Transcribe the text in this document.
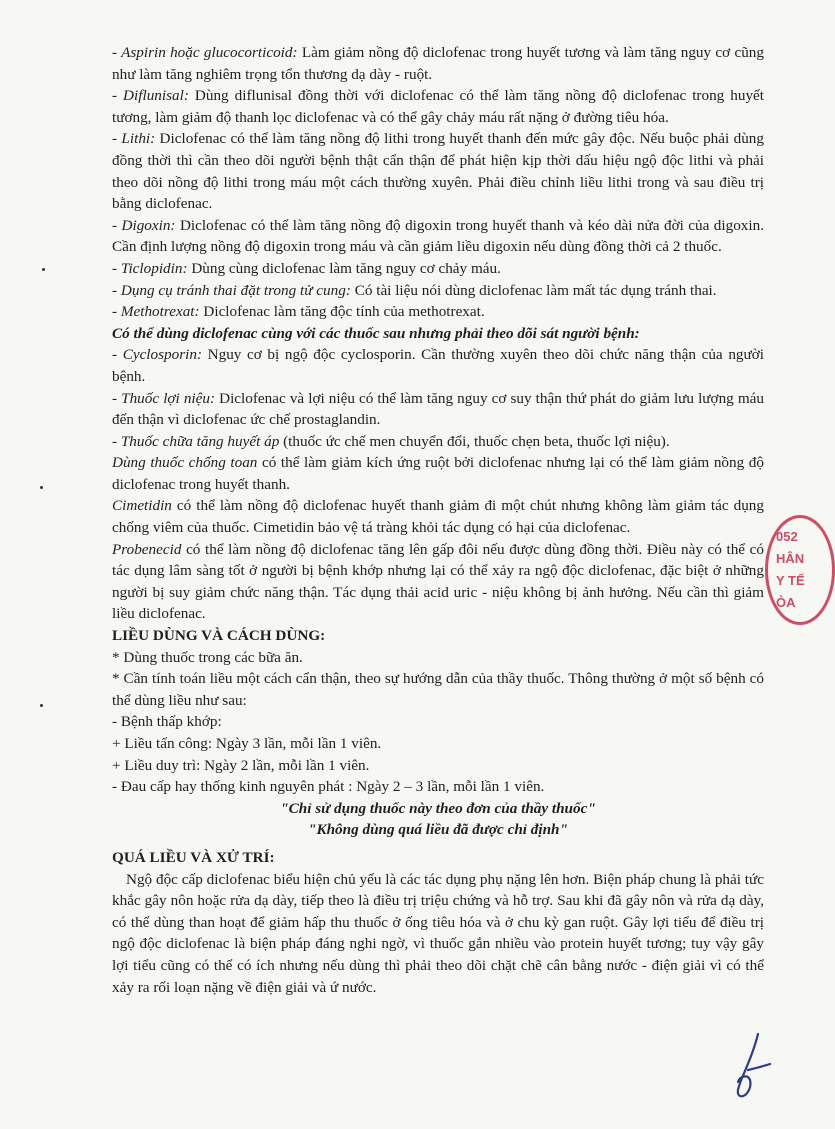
- Aspirin hoặc glucocorticoid: Làm giảm nồng độ diclofenac trong huyết tương và làm tăng nguy cơ cũng như làm tăng nghiêm trọng tổn thương dạ dày - ruột.

- Diflunisal: Dùng diflunisal đồng thời với diclofenac có thể làm tăng nồng độ diclofenac trong huyết tương, làm giảm độ thanh lọc diclofenac và có thể gây chảy máu rất nặng ở đường tiêu hóa.

- Lithi: Diclofenac có thể làm tăng nồng độ lithi trong huyết thanh đến mức gây độc. Nếu buộc phải dùng đồng thời thì cần theo dõi người bệnh thật cẩn thận để phát hiện kịp thời dấu hiệu ngộ độc lithi và phải theo dõi nồng độ lithi trong máu một cách thường xuyên. Phải điều chỉnh liều lithi trong và sau điều trị bằng diclofenac.

- Digoxin: Diclofenac có thể làm tăng nồng độ digoxin trong huyết thanh và kéo dài nửa đời của digoxin. Cần định lượng nồng độ digoxin trong máu và cần giảm liều digoxin nếu dùng đồng thời cả 2 thuốc.

- Ticlopidin: Dùng cùng diclofenac làm tăng nguy cơ chảy máu.

- Dụng cụ tránh thai đặt trong tử cung: Có tài liệu nói dùng diclofenac làm mất tác dụng tránh thai.

- Methotrexat: Diclofenac làm tăng độc tính của methotrexat.

Có thể dùng diclofenac cùng với các thuốc sau nhưng phải theo dõi sát người bệnh:

- Cyclosporin: Nguy cơ bị ngộ độc cyclosporin. Cần thường xuyên theo dõi chức năng thận của người bệnh.

- Thuốc lợi niệu: Diclofenac và lợi niệu có thể làm tăng nguy cơ suy thận thứ phát do giảm lưu lượng máu đến thận vì diclofenac ức chế prostaglandin.

- Thuốc chữa tăng huyết áp (thuốc ức chế men chuyển đổi, thuốc chẹn beta, thuốc lợi niệu).

Dùng thuốc chống toan có thể làm giảm kích ứng ruột bởi diclofenac nhưng lại có thể làm giảm nồng độ diclofenac trong huyết thanh.

Cimetidin có thể làm nồng độ diclofenac huyết thanh giảm đi một chút nhưng không làm giảm tác dụng chống viêm của thuốc. Cimetidin bảo vệ tá tràng khỏi tác dụng có hại của diclofenac.

Probenecid có thể làm nồng độ diclofenac tăng lên gấp đôi nếu được dùng đồng thời. Điều này có thể có tác dụng lâm sàng tốt ở người bị bệnh khớp nhưng lại có thể xảy ra ngộ độc diclofenac, đặc biệt ở những người bị suy giảm chức năng thận. Tác dụng thải acid uric - niệu không bị ảnh hưởng. Nếu cần thì giảm liều diclofenac.

LIỀU DÙNG VÀ CÁCH DÙNG:

* Dùng thuốc trong các bữa ăn.

* Cần tính toán liều một cách cẩn thận, theo sự hướng dẫn của thầy thuốc. Thông thường ở một số bệnh có thể dùng liều như sau:

- Bệnh thấp khớp:

+ Liều tấn công: Ngày 3 lần, mỗi lần 1 viên.

+ Liều duy trì: Ngày 2 lần, mỗi lần 1 viên.

- Đau cấp hay thống kinh nguyên phát : Ngày 2 – 3 lần, mỗi lần 1 viên.

"Chỉ sử dụng thuốc này theo đơn của thầy thuốc"

"Không dùng quá liều đã được chỉ định"

QUÁ LIỀU VÀ XỬ TRÍ:

Ngộ độc cấp diclofenac biểu hiện chủ yếu là các tác dụng phụ nặng lên hơn. Biện pháp chung là phải tức khắc gây nôn hoặc rửa dạ dày, tiếp theo là điều trị triệu chứng và hỗ trợ. Sau khi đã gây nôn và rửa dạ dày, có thể dùng than hoạt để giảm hấp thu thuốc ở ống tiêu hóa và ở chu kỳ gan ruột. Gây lợi tiểu để điều trị ngộ độc diclofenac là biện pháp đáng nghi ngờ, vì thuốc gắn nhiều vào protein huyết tương; tuy vậy gây lợi tiểu cũng có thể có ích nhưng nếu dùng thì phải theo dõi chặt chẽ cân bằng nước - điện giải vì có thể xảy ra rối loạn nặng về điện giải và ứ nước.

052
HÂN
Y TẾ
ÒA
